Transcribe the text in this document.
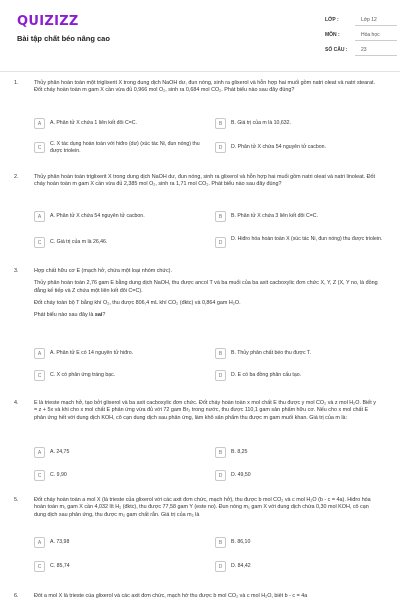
QUIZIZZ
Bài tập chất béo nâng cao
LỚP :	Lớp 12
MÔN :	Hóa học
SỐ CÂU :	23
1.	Thủy phân hoàn toàn một triglixerit X trong dung dịch NaOH dư, đun nóng, sinh ra glixerol và hỗn hợp hai muối gồm natri oleat và natri stearat. Đốt cháy hoàn toàn m gam X cần vừa đủ 0,966 mol O₂, sinh ra 0,684 mol CO₂. Phát biểu nào sau đây đúng?

A	A. Phân tử X chứa 1 liên kết đôi C=C.	B	B. Giá trị của m là 10,632.
C
C. X tác dụng hoàn toàn với hiđro (dư) (xúc tác Ni, đun nóng) thu được triolein.
D	D. Phân tử X chứa 54 nguyên tử cacbon.
2.	Thủy phân hoàn toàn triglixerit X trong dung dịch NaOH dư, đun nóng, sinh ra glixerol và hỗn hợp hai muối gồm natri oleat và natri linoleat. Đốt cháy hoàn toàn m gam X cần vừa đủ 2,385 mol O₂, sinh ra 1,71 mol CO₂. Phát biểu nào sau đây đúng?

A	A. Phân tử X chứa 54 nguyên tử cacbon.	B	B. Phân tử X chứa 3 liên kết đôi C=C.
C	C. Giá trị của m là 26,46.	D
D. Hiđro hóa hoàn toàn X (xúc tác Ni, đun nóng) thu được triolein.
3.	Hợp chất hữu cơ E (mạch hở, chứa một loại nhóm chức).

Thủy phân hoàn toàn 2,76 gam E bằng dung dịch NaOH, thu được ancol T và ba muối của ba axit cacboxylic đơn chức X, Y, Z (X, Y no, là đồng đẳng kế tiếp và Z chứa một liên kết đôi C=C).

Đốt cháy toàn bộ T bằng khí O₂, thu được 806,4 mL khí CO₂ (đktc) và 0,864 gam H₂O.

Phát biểu nào sau đây là sai?

A	A. Phân tử E có 14 nguyên tử hiđro.	B	B. Thủy phân chất béo thu được T.
C	C. X có phản ứng tráng bạc.	D	D. E có ba đồng phân cấu tạo.
4.	E là trieste mạch hở, tạo bởi glixerol và ba axit cacboxylic đơn chức. Đốt cháy hoàn toàn x mol chất E thu được y mol CO₂ và z mol H₂O. Biết y = z + 5x và khi cho x mol chất E phản ứng vừa đủ với 72 gam Br₂ trong nước, thu được 110,1 gam sản phẩm hữu cơ. Nếu cho x mol chất E phản ứng hết với dung dịch KOH, cô cạn dung dịch sau phản ứng, làm khô sản phẩm thu được m gam muối khan. Giá trị của m là:

A	A. 24,75	B	B. 8,25
C	C. 9,90	D	D. 49,50
5.	Đốt cháy hoàn toàn a mol X (là trieste của glixerol với các axit đơn chức, mạch hở), thu được b mol CO₂ và c mol H₂O (b - c = 4a). Hiđro hóa hoàn toàn m₁ gam X cần 4,032 lít H₂ (đktc), thu được 77,58 gam Y (este no). Đun nóng m₁ gam X với dung dịch chứa 0,30 mol KOH, cô cạn dung dịch sau phản ứng, thu được m₂ gam chất rắn. Giá trị của m₂ là

A	A. 73,98	B	B. 86,10
C	C. 85,74	D	D. 84,42
6.	Đốt a mol X là trieste của glixerol và các axit đơn chức, mạch hở thu được b mol CO₂ và c mol H₂O, biết b - c = 4a
